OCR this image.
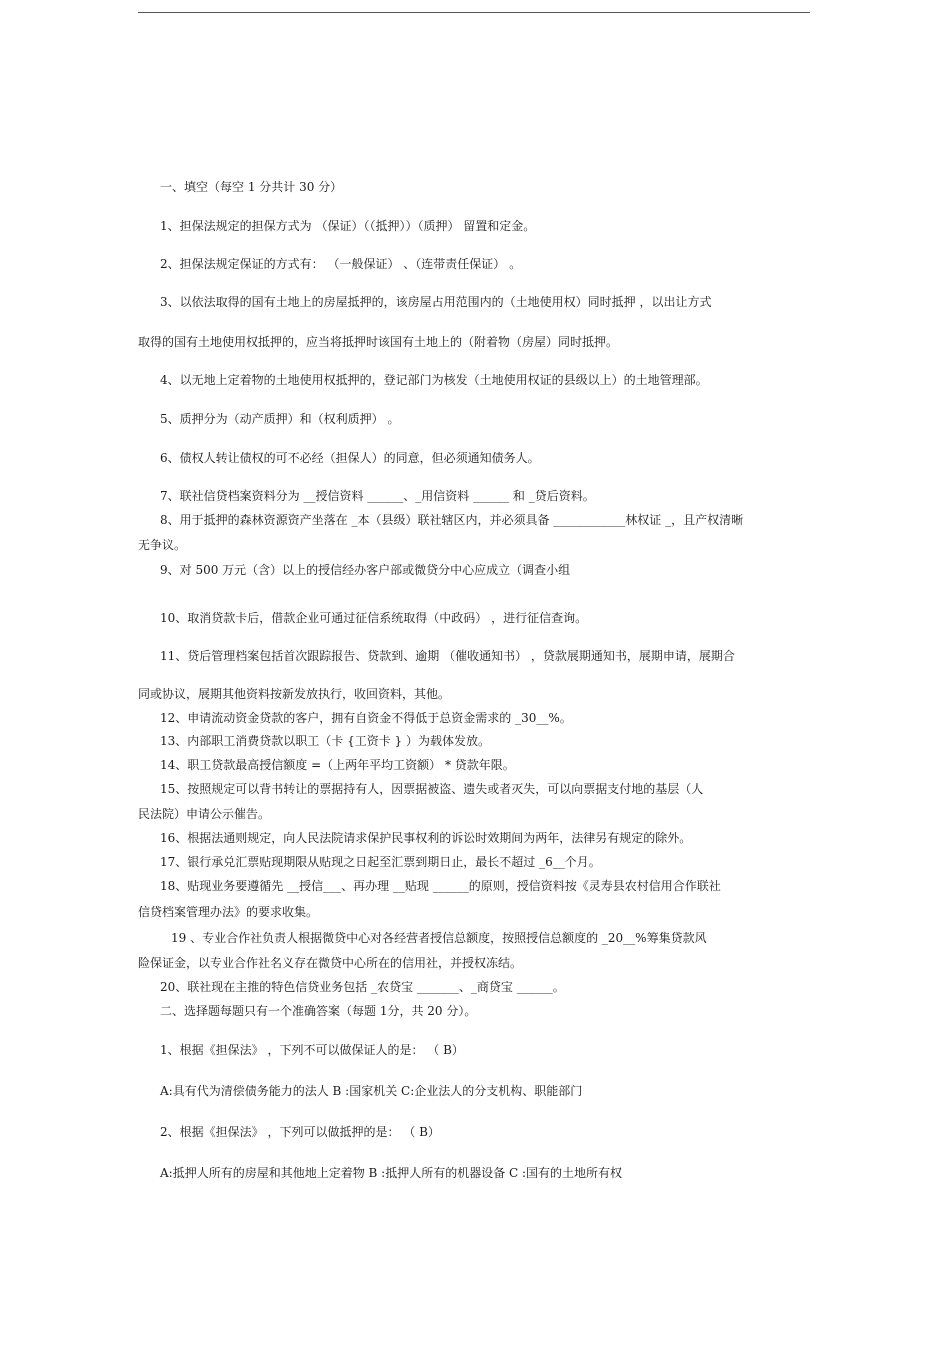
一、填空（每空 1 分共计 30 分）
1、担保法规定的担保方式为 （保证）（（抵押））（质押） 留置和定金。
2、担保法规定保证的方式有： （一般保证） 、（连带责任保证） 。
3、以依法取得的国有土地上的房屋抵押的，该房屋占用范围内的（土地使用权）同时抵押 ，以出让方式
取得的国有土地使用权抵押的，应当将抵押时该国有土地上的（附着物（房屋）同时抵押。
4、以无地上定着物的土地使用权抵押的，登记部门为核发（土地使用权证的县级以上）的土地管理部。
5、质押分为（动产质押）和（权利质押） 。
6、债权人转让债权的可不必经（担保人）的同意，但必须通知债务人。
7、联社信贷档案资料分为 __授信资料 ______、_用信资料 ______ 和 _贷后资料。
8、用于抵押的森林资源资产坐落在 _本（县级）联社辖区内，并必须具备 ____________林权证 _，且产权清晰
无争议。
9、对 500 万元（含）以上的授信经办客户部或微贷分中心应成立（调查小组
10、取消贷款卡后，借款企业可通过征信系统取得（中政码） ，进行征信查询。
11、贷后管理档案包括首次跟踪报告、贷款到、逾期 （催收通知书） ，贷款展期通知书，展期申请，展期合
同或协议，展期其他资料按新发放执行，收回资料，其他。
12、申请流动资金贷款的客户，拥有自资金不得低于总资金需求的 _30__%。
13、内部职工消费贷款以职工（卡 {工资卡 } ）为载体发放。
14、职工贷款最高授信额度 =（上两年平均工资额） * 贷款年限。
15、按照规定可以背书转让的票据持有人，因票据被盗、遗失或者灭失，可以向票据支付地的基层（人
民法院）申请公示催告。
16、根据法通则规定，向人民法院请求保护民事权利的诉讼时效期间为两年，法律另有规定的除外。
17、银行承兑汇票贴现期限从贴现之日起至汇票到期日止，最长不超过 _6__个月。
18、贴现业务要遵循先 __授信___、再办理 __贴现 ______的原则，授信资料按《灵寿县农村信用合作联社
信贷档案管理办法》的要求收集。
19 、专业合作社负责人根据微贷中心对各经营者授信总额度，按照授信总额度的 _20__%筹集贷款风
险保证金，以专业合作社名义存在微贷中心所在的信用社，并授权冻结。
20、联社现在主推的特色信贷业务包括 _农贷宝 _______、_商贷宝 ______。
二、选择题每题只有一个准确答案（每题 1分，共 20 分）。
1、根据《担保法》 ，下列不可以做保证人的是： （ B）
A:具有代为清偿债务能力的法人 B :国家机关 C:企业法人的分支机构、职能部门
2、根据《担保法》 ，下列可以做抵押的是： （ B）
A:抵押人所有的房屋和其他地上定着物 B :抵押人所有的机器设备 C :国有的土地所有权
